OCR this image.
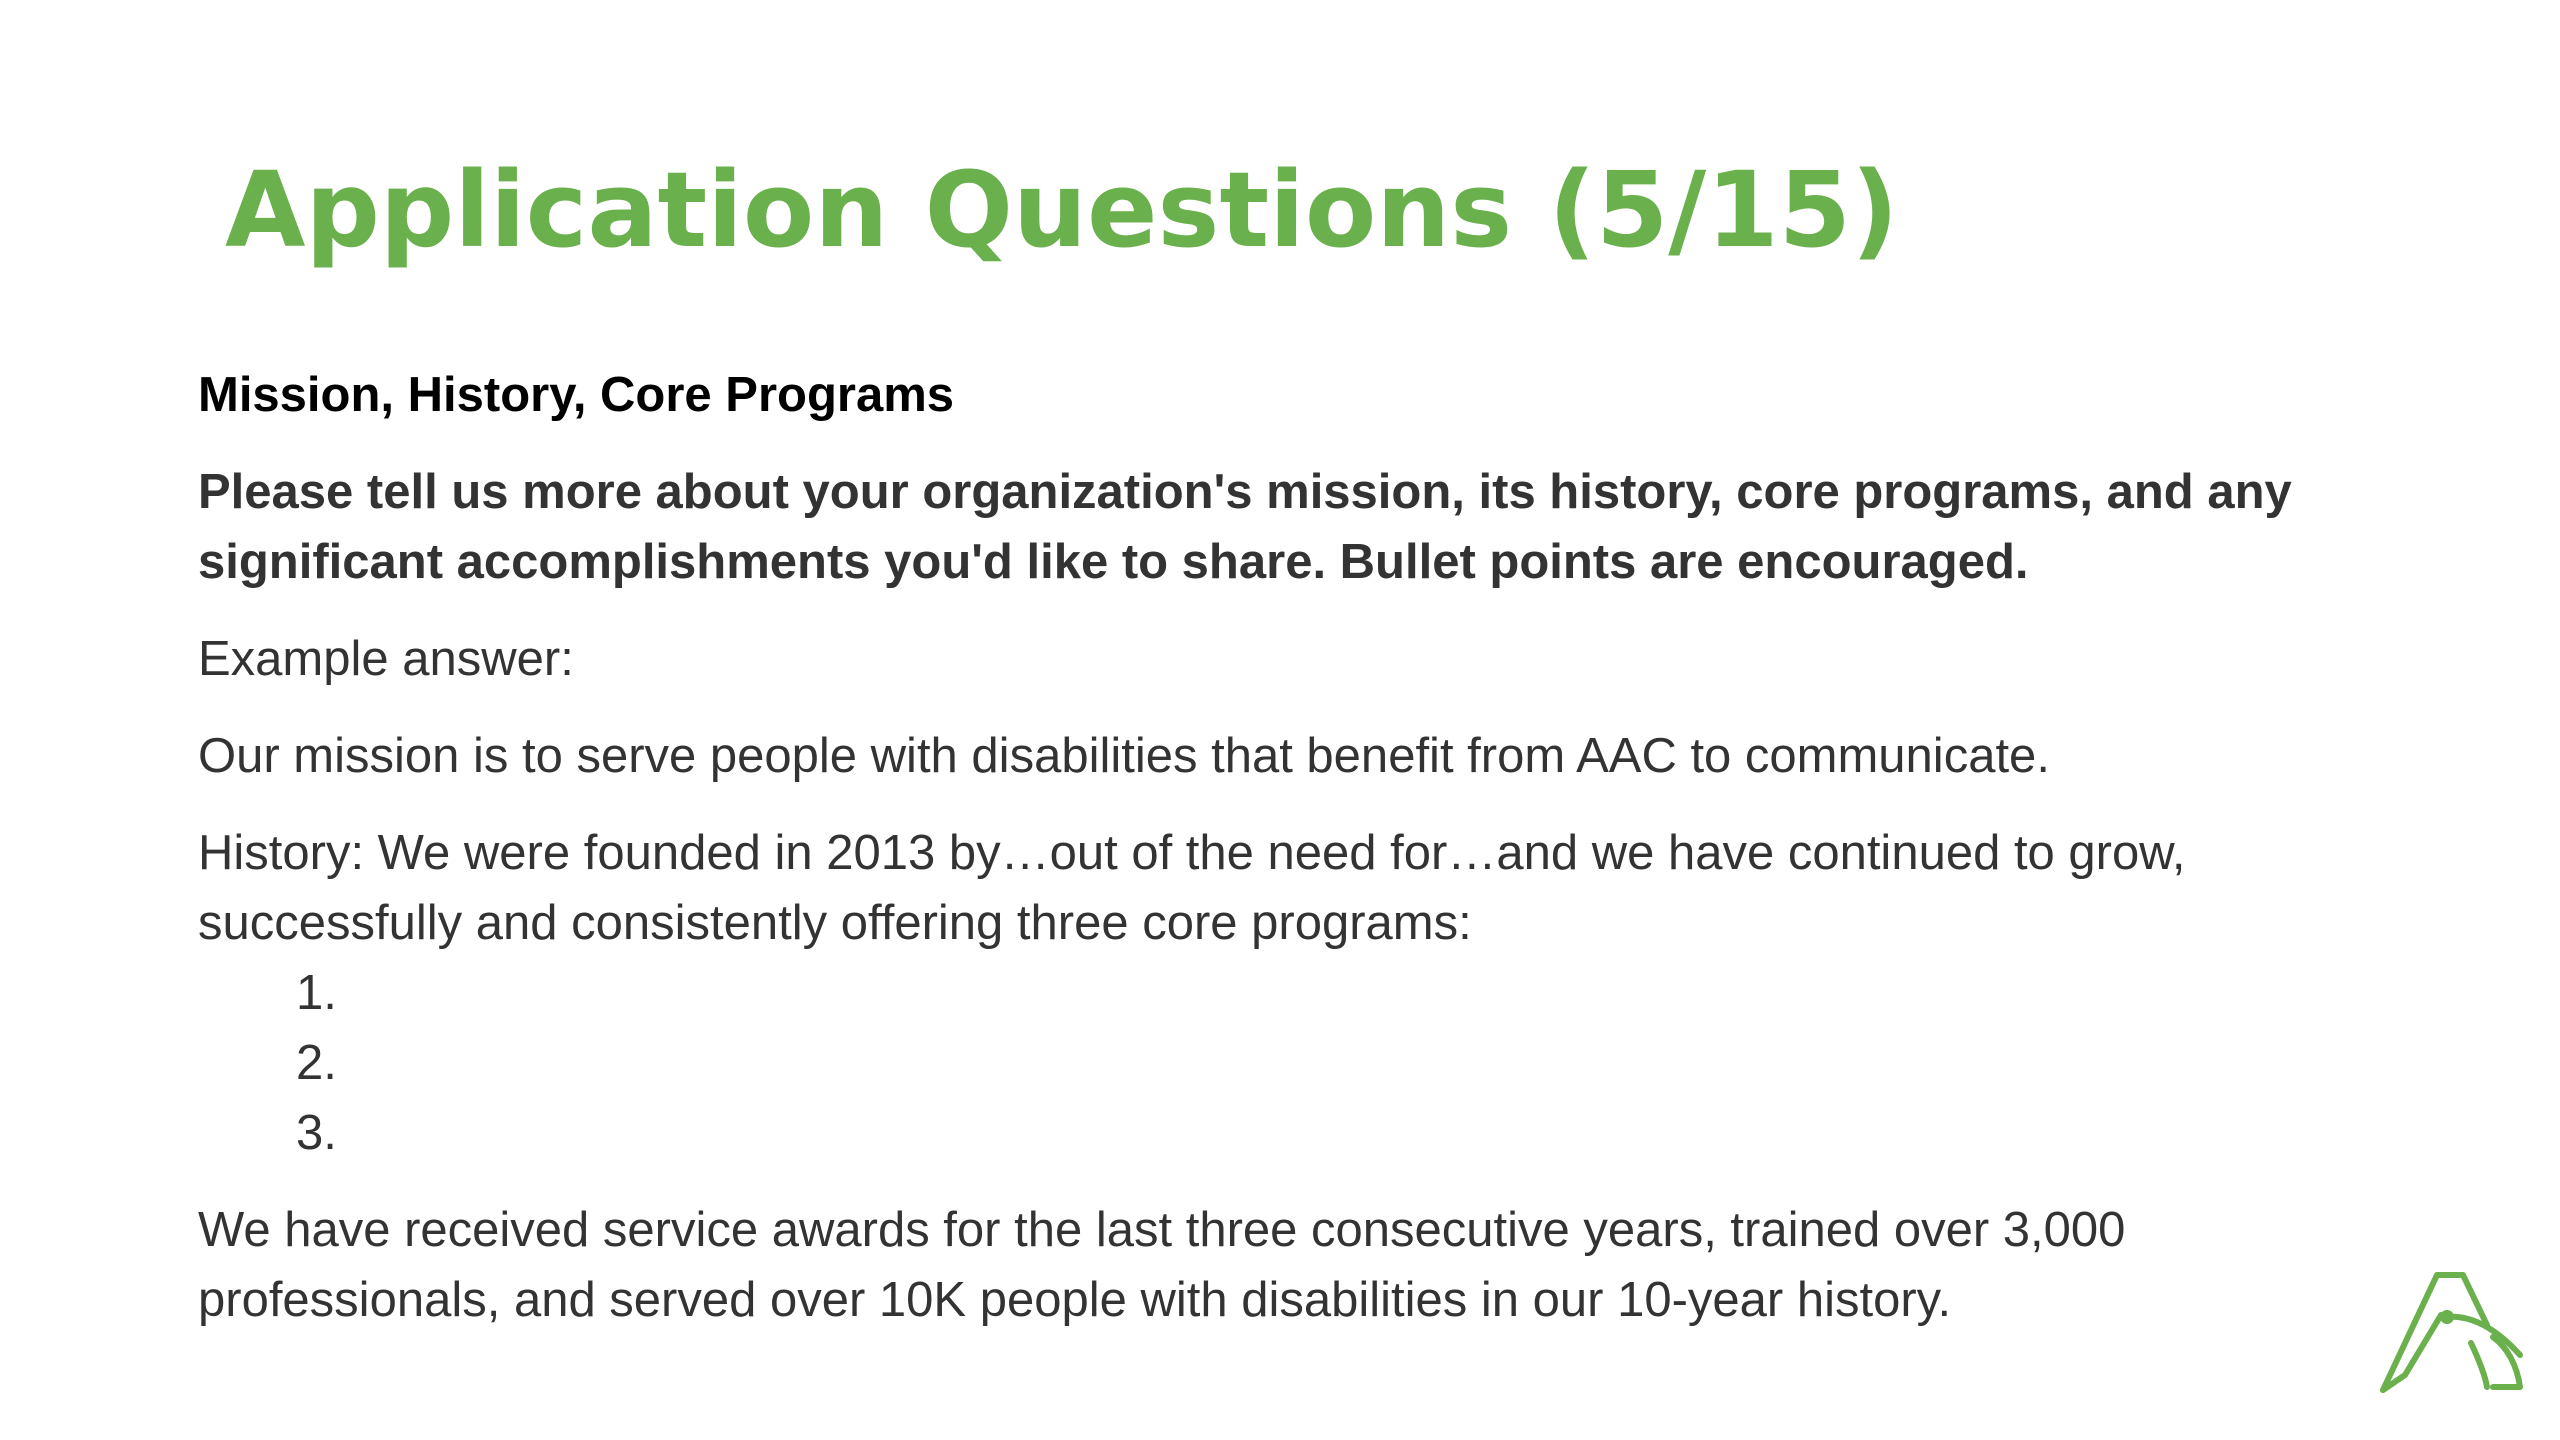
Application Questions (5/15)

Mission, History, Core Programs

Please tell us more about your organization's mission, its history, core programs, and any significant accomplishments you'd like to share. Bullet points are encouraged.

Example answer:

Our mission is to serve people with disabilities that benefit from AAC to communicate.

History: We were founded in 2013 by…out of the need for…and we have continued to grow, successfully and consistently offering three core programs:

1.
2.
3.

We have received service awards for the last three consecutive years, trained over 3,000 professionals, and served over 10K people with disabilities in our 10-year history.
